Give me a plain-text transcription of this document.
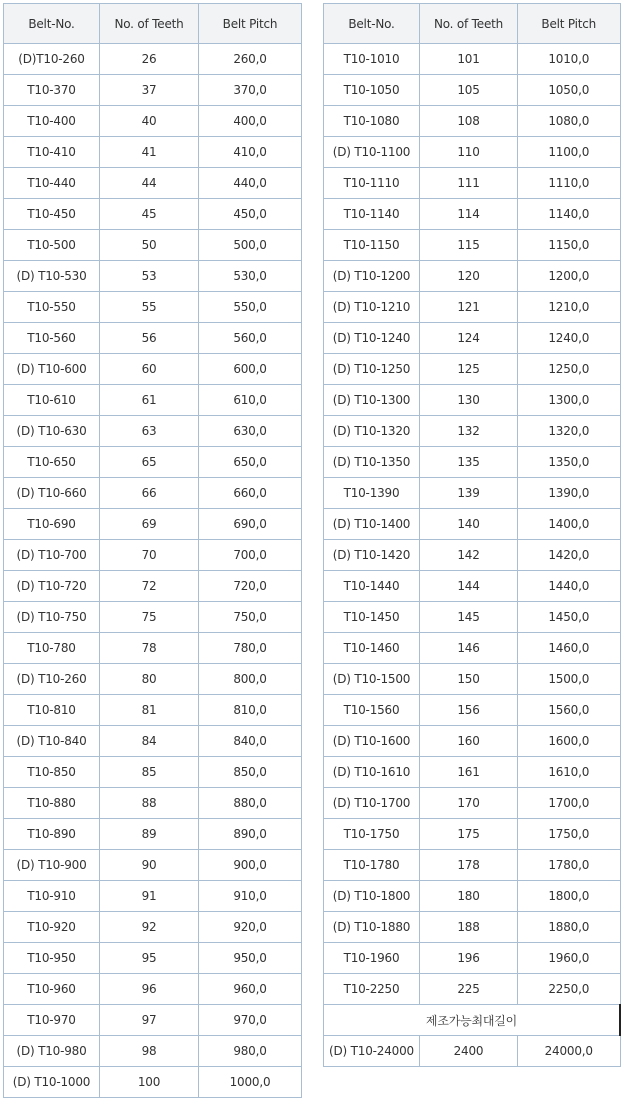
Belt-No.	No. of Teeth	Belt Pitch
(D)T10-260	26	260,0
T10-370	37	370,0
T10-400	40	400,0
T10-410	41	410,0
T10-440	44	440,0
T10-450	45	450,0
T10-500	50	500,0
(D) T10-530	53	530,0
T10-550	55	550,0
T10-560	56	560,0
(D) T10-600	60	600,0
T10-610	61	610,0
(D) T10-630	63	630,0
T10-650	65	650,0
(D) T10-660	66	660,0
T10-690	69	690,0
(D) T10-700	70	700,0
(D) T10-720	72	720,0
(D) T10-750	75	750,0
T10-780	78	780,0
(D) T10-260	80	800,0
T10-810	81	810,0
(D) T10-840	84	840,0
T10-850	85	850,0
T10-880	88	880,0
T10-890	89	890,0
(D) T10-900	90	900,0
T10-910	91	910,0
T10-920	92	920,0
T10-950	95	950,0
T10-960	96	960,0
T10-970	97	970,0
(D) T10-980	98	980,0
(D) T10-1000	100	1000,0
Belt-No.	No. of Teeth	Belt Pitch
T10-1010	101	1010,0
T10-1050	105	1050,0
T10-1080	108	1080,0
(D) T10-1100	110	1100,0
T10-1110	111	1110,0
T10-1140	114	1140,0
T10-1150	115	1150,0
(D) T10-1200	120	1200,0
(D) T10-1210	121	1210,0
(D) T10-1240	124	1240,0
(D) T10-1250	125	1250,0
(D) T10-1300	130	1300,0
(D) T10-1320	132	1320,0
(D) T10-1350	135	1350,0
T10-1390	139	1390,0
(D) T10-1400	140	1400,0
(D) T10-1420	142	1420,0
T10-1440	144	1440,0
T10-1450	145	1450,0
T10-1460	146	1460,0
(D) T10-1500	150	1500,0
T10-1560	156	1560,0
(D) T10-1600	160	1600,0
(D) T10-1610	161	1610,0
(D) T10-1700	170	1700,0
T10-1750	175	1750,0
T10-1780	178	1780,0
(D) T10-1800	180	1800,0
(D) T10-1880	188	1880,0
T10-1960	196	1960,0
T10-2250	225	2250,0
제조가능최대길이		
(D) T10-24000	2400	24000,0
